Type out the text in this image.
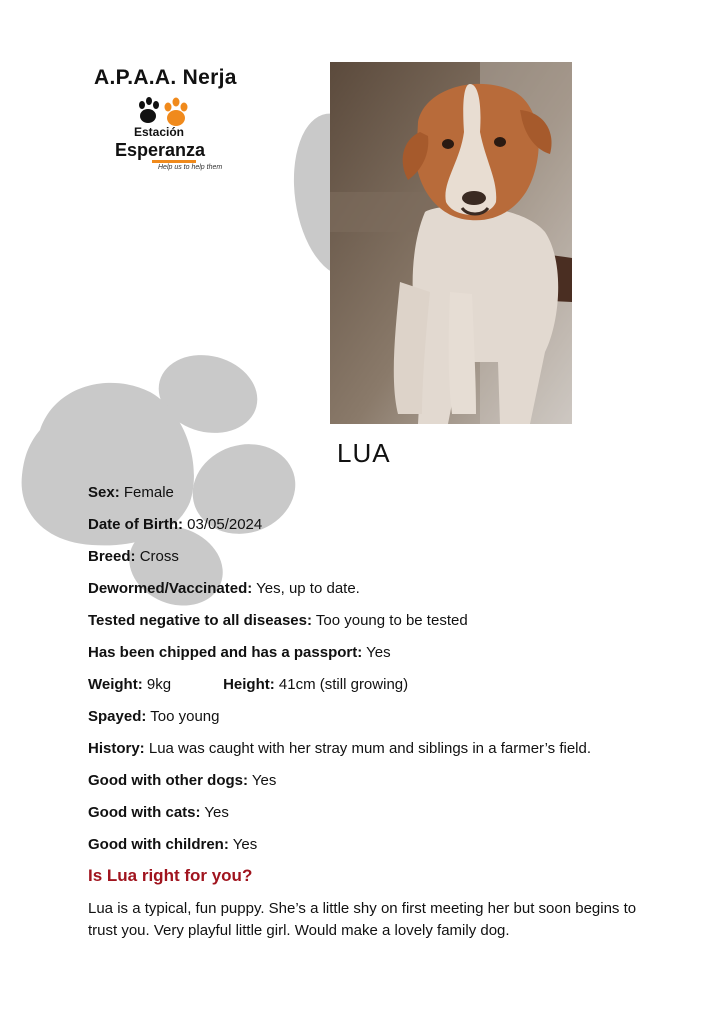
A.P.A.A. Nerja
Estación
Esperanza
Help us to help them
LUA
Sex: Female
Date of Birth: 03/05/2024
Breed: Cross
Dewormed/Vaccinated: Yes, up to date.
Tested negative to all diseases: Too young to be tested
Has been chipped and has a passport: Yes
Weight: 9kg	Height: 41cm (still growing)
Spayed: Too young
History: Lua was caught with her stray mum and siblings in a farmer’s field.
Good with other dogs: Yes
Good with cats: Yes
Good with children: Yes
Is Lua right for you?
Lua is a typical, fun puppy. She’s a little shy on first meeting her but soon begins to trust you. Very playful little girl. Would make a lovely family dog.
